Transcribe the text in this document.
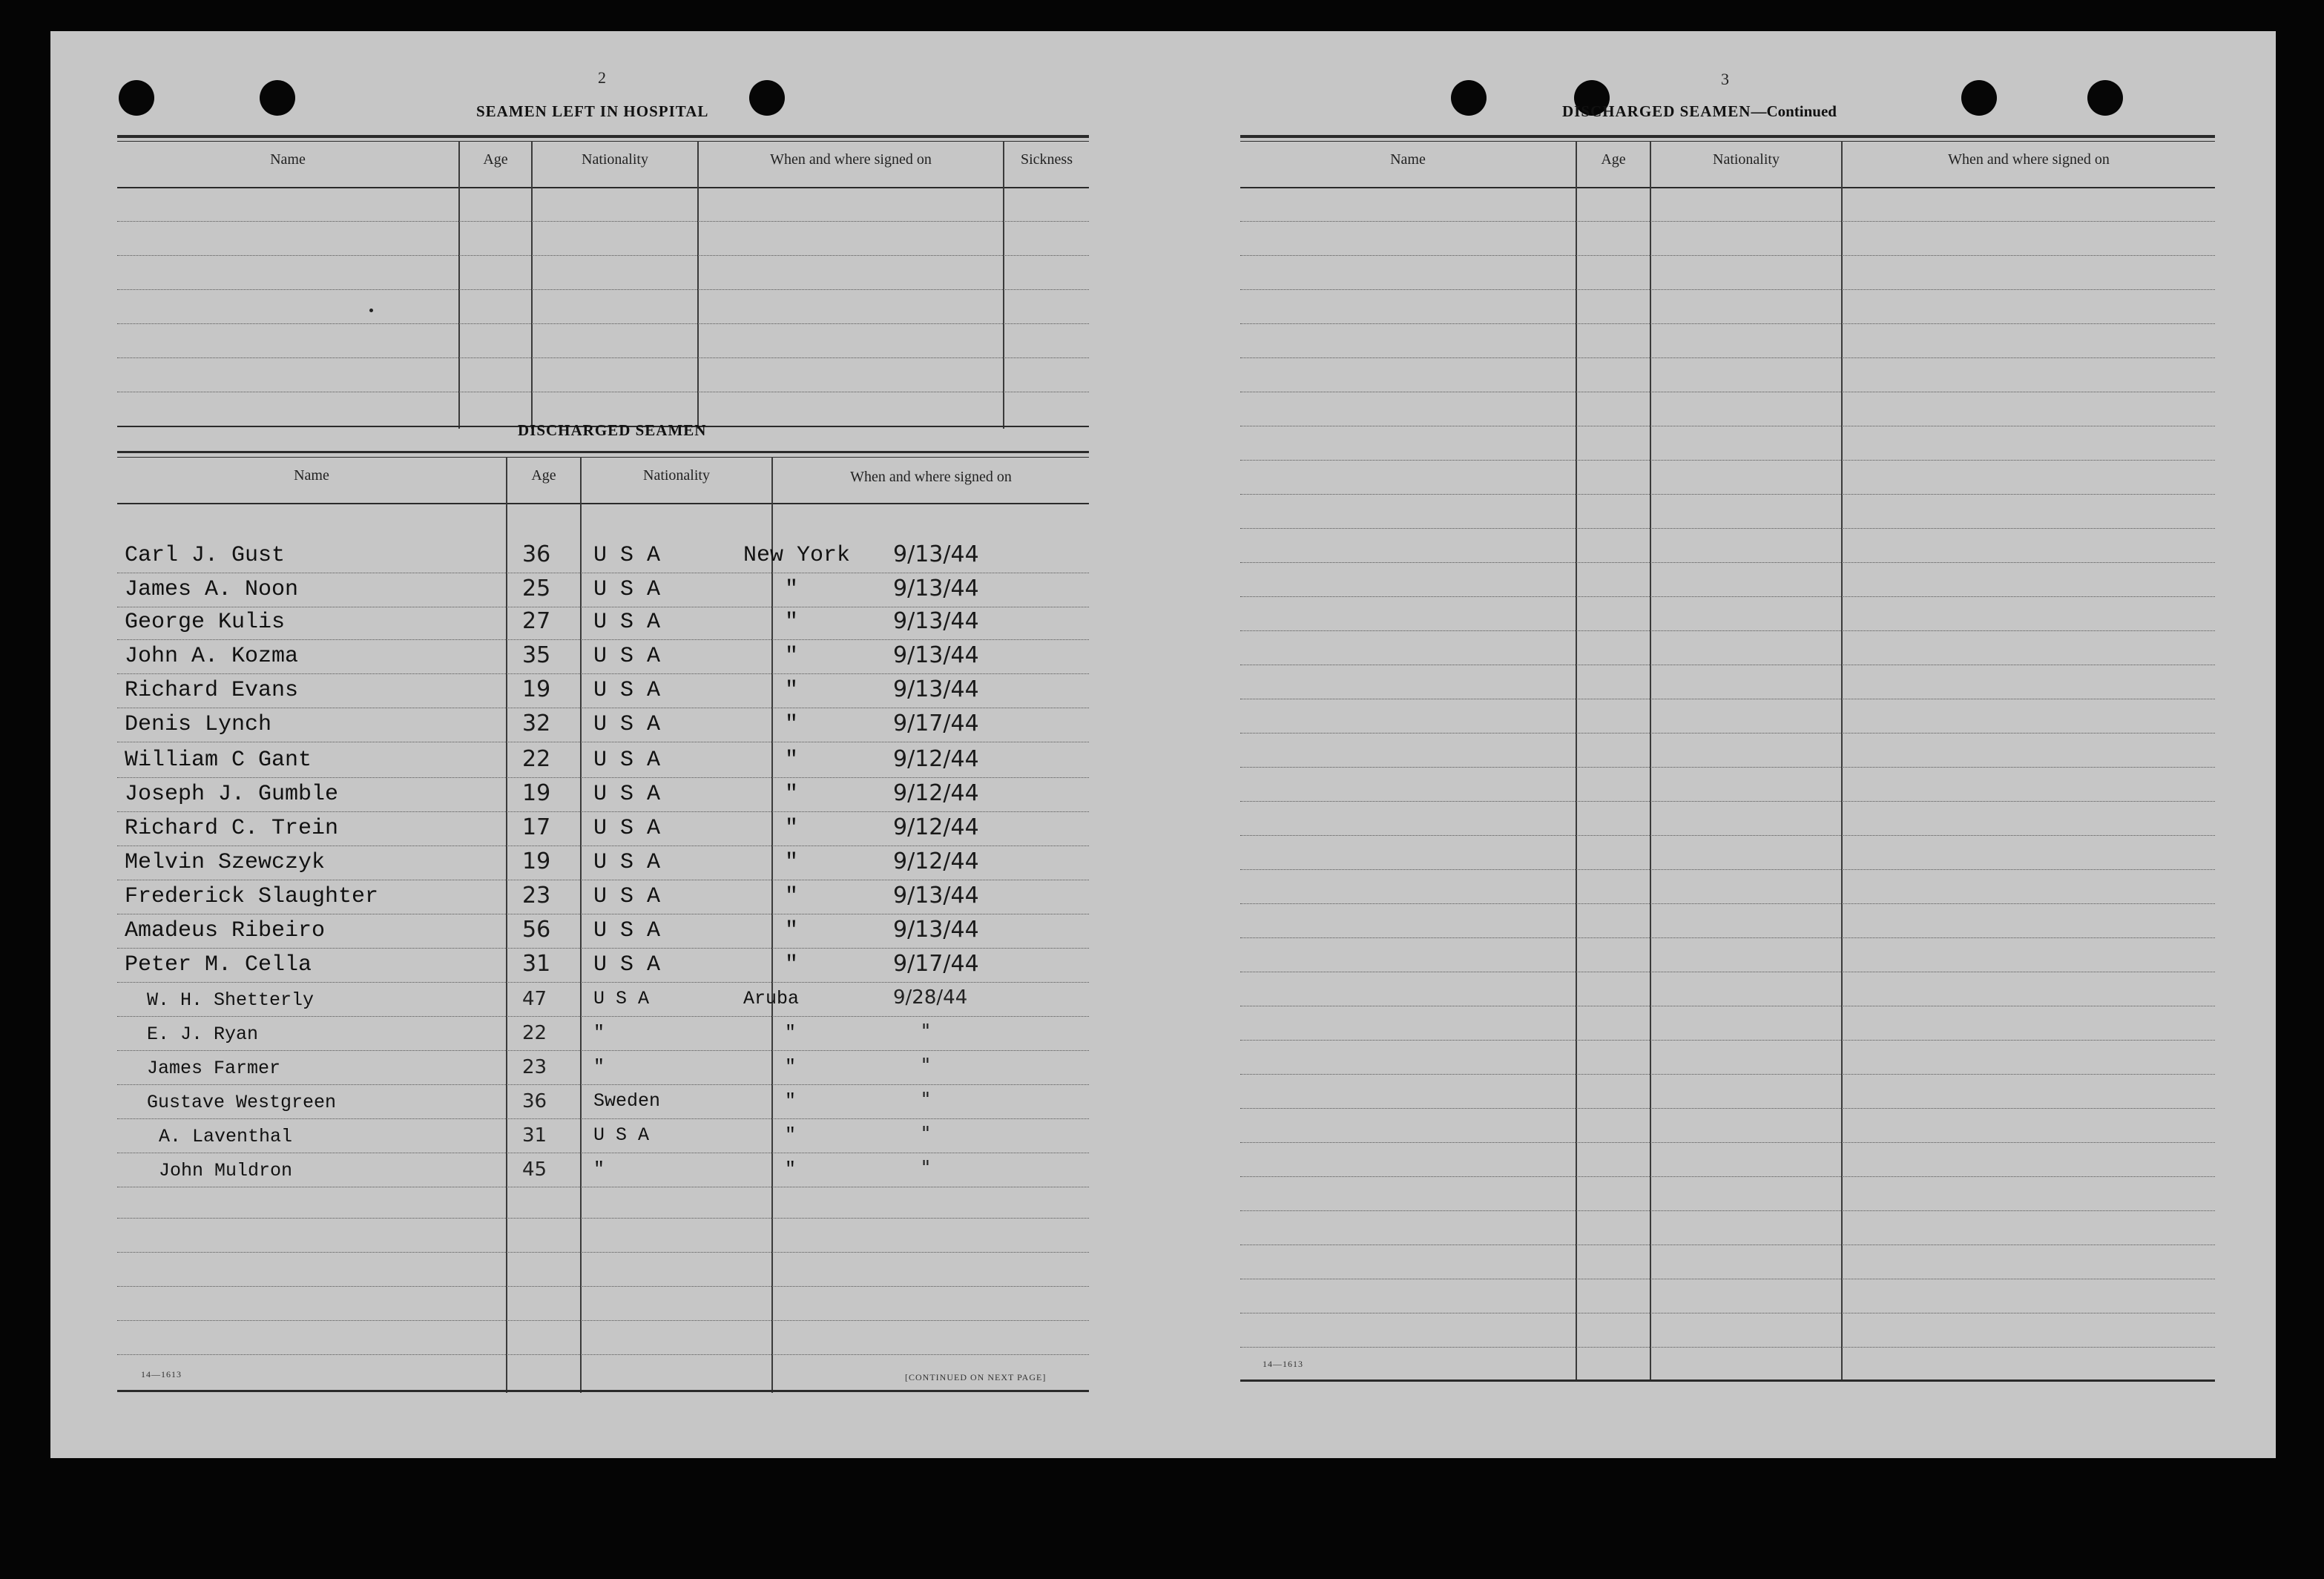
2
SEAMEN LEFT IN HOSPITAL
Name	Age	Nationality	When and where signed on	Sickness
DISCHARGED SEAMEN
Name	Age	Nationality	When and where signed on
Carl J. Gust	36 U S A	New York 9/13/44
James A. Noon	25 U S A	"	9/13/44
George Kulis	27 U S A	"	9/13/44
John A. Kozma	35 U S A	"	9/13/44
Richard Evans	19 U S A	"	9/13/44
Denis Lynch	32 U S A	"	9/17/44
William C Gant	22 U S A	"	9/12/44
Joseph J. Gumble	19 U S A	"	9/12/44
Richard C. Trein	17 U S A	"	9/12/44
Melvin Szewczyk	19 U S A	"	9/12/44
Frederick Slaughter	23 U S A	"	9/13/44
Amadeus Ribeiro	56 U S A	"	9/13/44
Peter M. Cella	31 U S A	"	9/17/44
W. H. Shetterly	47	U S A	Aruba	9/28/44
E. J. Ryan	22	"	"	"
James Farmer	23	"	"	"
Gustave Westgreen	36	Sweden	"	"
A. Laventhal	31	U S A	"	"
John Muldron	45	"	"	"
14—1613	[CONTINUED ON NEXT PAGE]
3
DISCHARGED SEAMEN—Continued
Name	Age	Nationality	When and where signed on
14—1613
